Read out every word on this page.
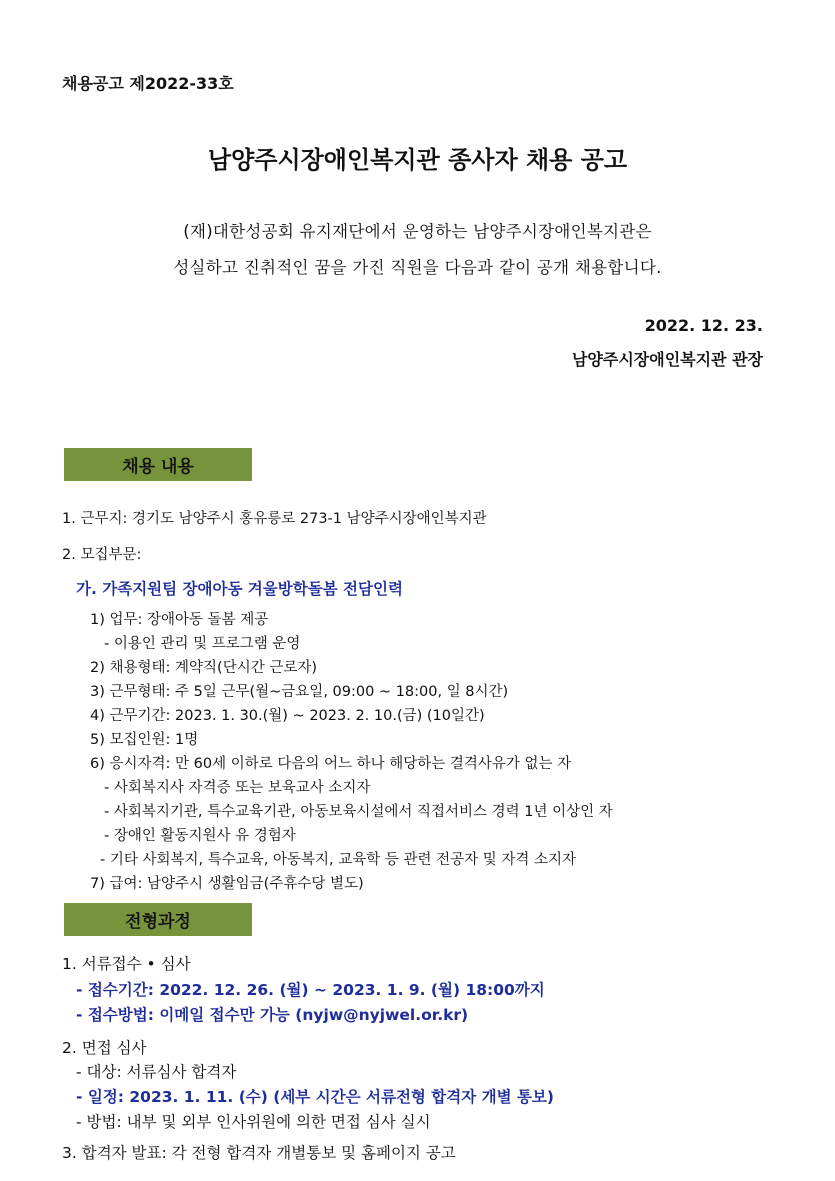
채용공고 제2022-33호
남양주시장애인복지관 종사자 채용 공고
(재)대한성공회 유지재단에서 운영하는 남양주시장애인복지관은
성실하고 진취적인 꿈을 가진 직원을 다음과 같이 공개 채용합니다.
2022. 12. 23.
남양주시장애인복지관 관장
채용 내용
1. 근무지: 경기도 남양주시 홍유릉로 273-1 남양주시장애인복지관
2. 모집부문:
가. 가족지원팀 장애아동 겨울방학돌봄 전담인력
1) 업무: 장애아동 돌봄 제공
- 이용인 관리 및 프로그램 운영
2) 채용형태: 계약직(단시간 근로자)
3) 근무형태: 주 5일 근무(월~금요일, 09:00 ~ 18:00, 일 8시간)
4) 근무기간: 2023. 1. 30.(월) ~ 2023. 2. 10.(금) (10일간)
5) 모집인원: 1명
6) 응시자격: 만 60세 이하로 다음의 어느 하나 해당하는 결격사유가 없는 자
- 사회복지사 자격증 또는 보육교사 소지자
- 사회복지기관, 특수교육기관, 아동보육시설에서 직접서비스 경력 1년 이상인 자
- 장애인 활동지원사 유 경험자
- 기타 사회복지, 특수교육, 아동복지, 교육학 등 관련 전공자 및 자격 소지자
7) 급여: 남양주시 생활임금(주휴수당 별도)
전형과정
1. 서류접수 • 심사
- 접수기간: 2022. 12. 26. (월) ~ 2023. 1. 9. (월) 18:00까지
- 접수방법: 이메일 접수만 가능 (nyjw@nyjwel.or.kr)
2. 면접 심사
- 대상: 서류심사 합격자
- 일정: 2023. 1. 11. (수) (세부 시간은 서류전형 합격자 개별 통보)
- 방법: 내부 및 외부 인사위원에 의한 면접 심사 실시
3. 합격자 발표: 각 전형 합격자 개별통보 및 홈페이지 공고
